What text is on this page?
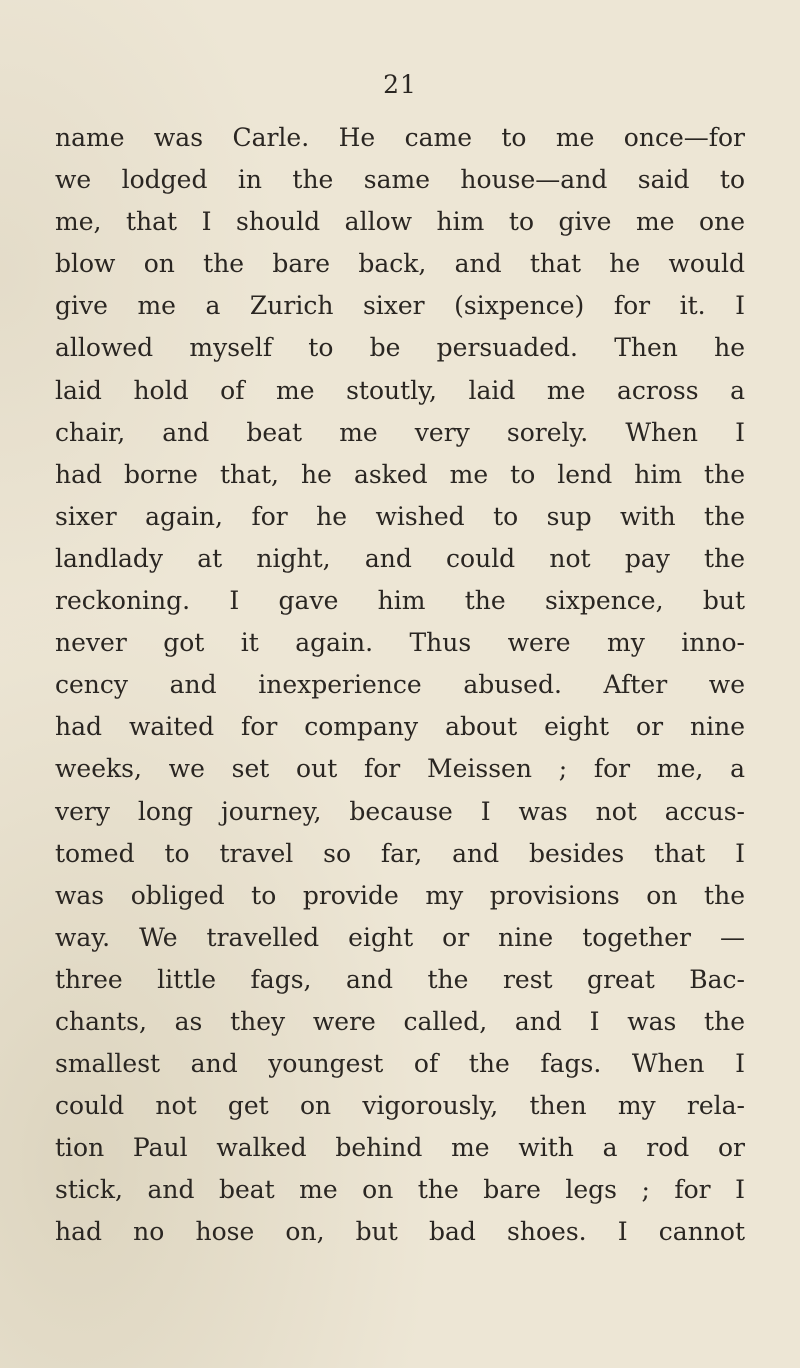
21
name was Carle. He came to me once—for
we lodged in the same house—and said to
me, that I should allow him to give me one
blow on the bare back, and that he would
give me a Zurich sixer (sixpence) for it. I
allowed myself to be persuaded. Then he
laid hold of me stoutly, laid me across a
chair, and beat me very sorely. When I
had borne that, he asked me to lend him the
sixer again, for he wished to sup with the
landlady at night, and could not pay the
reckoning. I gave him the sixpence, but
never got it again. Thus were my inno-
cency and inexperience abused. After we
had waited for company about eight or nine
weeks, we set out for Meissen ; for me, a
very long journey, because I was not accus-
tomed to travel so far, and besides that I
was obliged to provide my provisions on the
way. We travelled eight or nine together —
three little fags, and the rest great Bac-
chants, as they were called, and I was the
smallest and youngest of the fags. When I
could not get on vigorously, then my rela-
tion Paul walked behind me with a rod or
stick, and beat me on the bare legs ; for I
had no hose on, but bad shoes. I cannot
